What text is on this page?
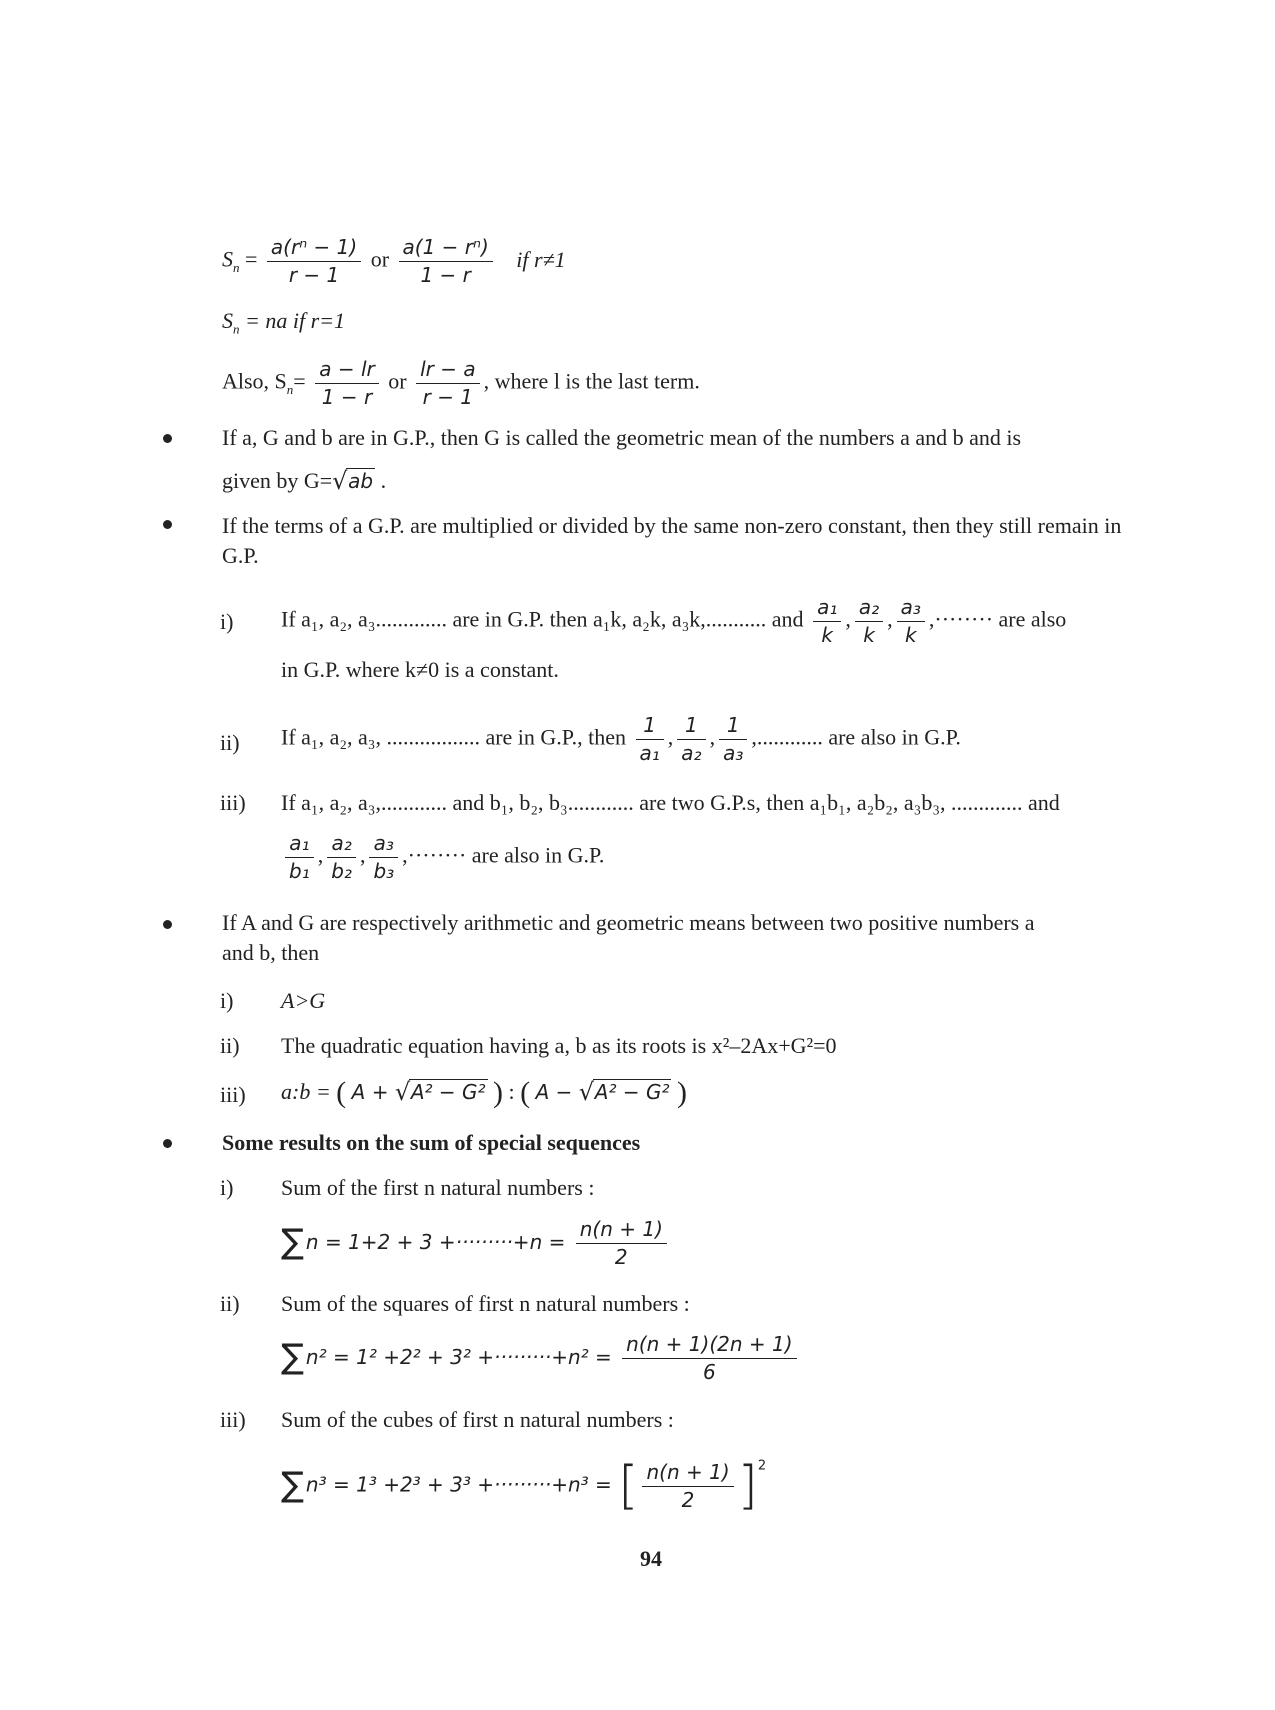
$S_n = \frac{\text{a(rⁿ − 1)}}{r - 1}$ or $\frac{\text{a(1 − rⁿ)}}{1 - r}$ if r≠1
$S_n$ = na if r=1
Also, $S_n= \frac{a - lr}{1 - r}$ or $\frac{lr - a}{r - 1}$ , where l is the last term.
If a, G and b are in G.P., then G is called the geometric mean of the numbers a and b and is
given by G= √ ab .
If the terms of a G.P. are multiplied or divided by the same non-zero constant, then they still remain in G.P.
i) If a₁, a₂, a₃............. are in G.P. then a₁k, a₂k, a₃k,........... and $\frac{\text{a₁}}{k}$ , $\frac{\text{a₂}}{k}$ , $\frac{\text{a₃}}{k}$ ,········ are also
in G.P. where k≠0 is a constant.
ii) If a₁, a₂, a₃, ................. are in G.P., then $\frac{1}{\text{a₁}}$ , $\frac{1}{\text{a₂}}$ , $\frac{1}{\text{a₃}}$ ,............ are also in G.P.
iii) If a₁, a₂, a₃,............ and b₁, b₂, b₃............ are two G.P.s, then a₁b₁, a₂b₂, a₃b₃, ............. and
$\frac{\text{a₁}}{\text{b₁}}$ , $\frac{\text{a₂}}{\text{b₂}}$ , $\frac{\text{a₃}}{\text{b₃}}$ ,········ are also in G.P.
If A and G are respectively arithmetic and geometric means between two positive numbers a
and b, then
i) A>G
ii) The quadratic equation having a, b as its roots is x²–2Ax+G²=0
iii) a:b = ( A + √ A² − G² ) : ( A − √ A² − G² )
Some results on the sum of special sequences
i) Sum of the first n natural numbers :
∑ $n = 1+2 + 3 +\cdot\cdot\cdot\cdot\cdot\cdot\cdot\cdot\cdot+n = \frac{n(n + 1)}{2}$
ii) Sum of the squares of first n natural numbers :
∑ $n^2 = 1^2 +2^2 + 3^2 +\cdot\cdot\cdot\cdot\cdot\cdot\cdot\cdot\cdot+n^2 = \frac{n(n + 1)(2n + 1)}{6}$
iii) Sum of the cubes of first n natural numbers :
∑ n³ = 1³ +2³ + 3³ +·········+n³ = [ $\frac{n(n + 1)}{2} ]^2$
94
